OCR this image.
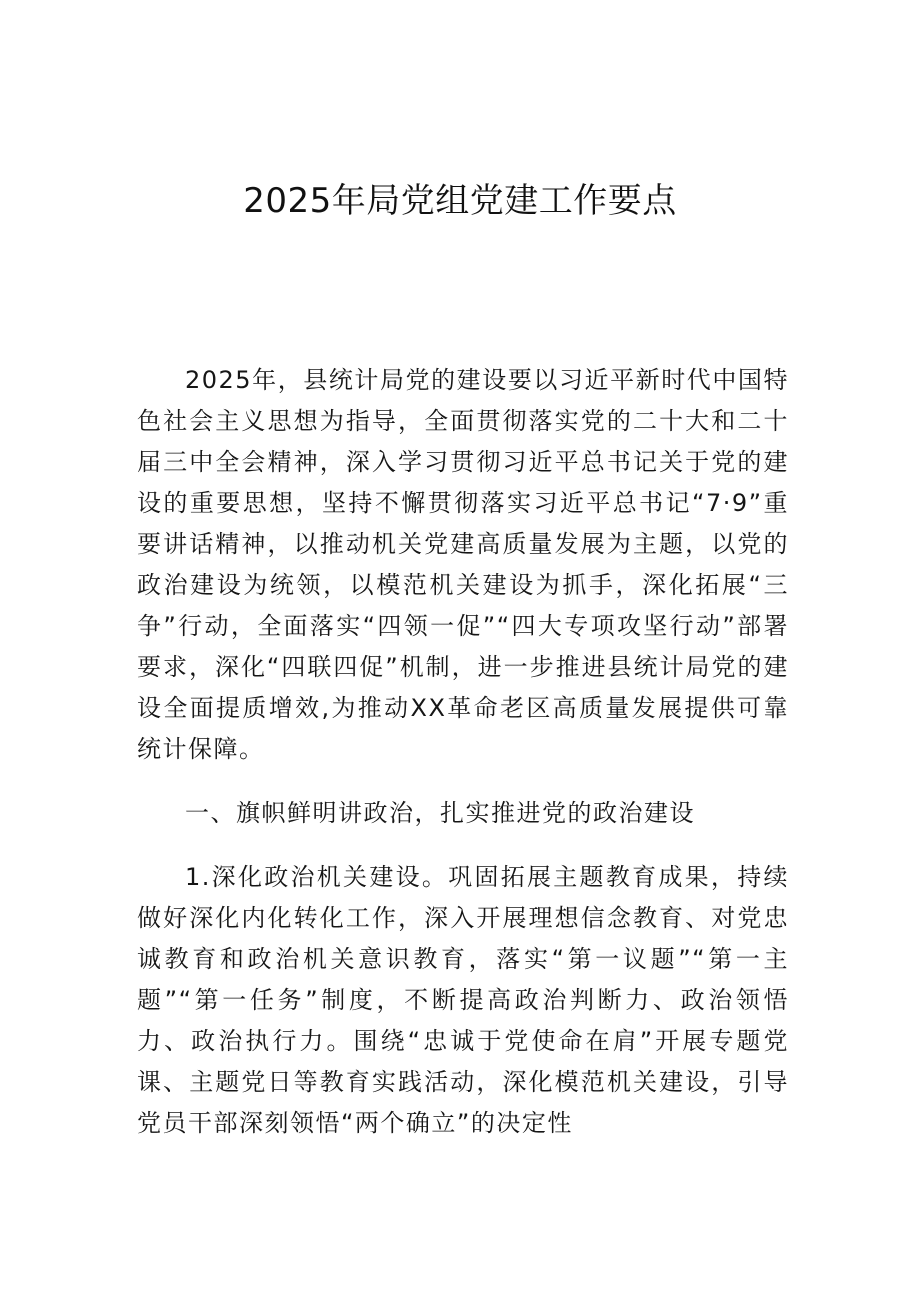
2025年局党组党建工作要点

2025年，县统计局党的建设要以习近平新时代中国特色社会主义思想为指导，全面贯彻落实党的二十大和二十届三中全会精神，深入学习贯彻习近平总书记关于党的建设的重要思想，坚持不懈贯彻落实习近平总书记“7·9”重要讲话精神，以推动机关党建高质量发展为主题，以党的政治建设为统领，以模范机关建设为抓手，深化拓展“三争”行动，全面落实“四领一促”“四大专项攻坚行动”部署要求，深化“四联四促”机制，进一步推进县统计局党的建设全面提质增效,为推动XX革命老区高质量发展提供可靠统计保障。

一、旗帜鲜明讲政治，扎实推进党的政治建设

1.深化政治机关建设。巩固拓展主题教育成果，持续做好深化内化转化工作，深入开展理想信念教育、对党忠诚教育和政治机关意识教育，落实“第一议题”“第一主题”“第一任务”制度，不断提高政治判断力、政治领悟力、政治执行力。围绕“忠诚于党使命在肩”开展专题党课、主题党日等教育实践活动，深化模范机关建设，引导党员干部深刻领悟“两个确立”的决定性
